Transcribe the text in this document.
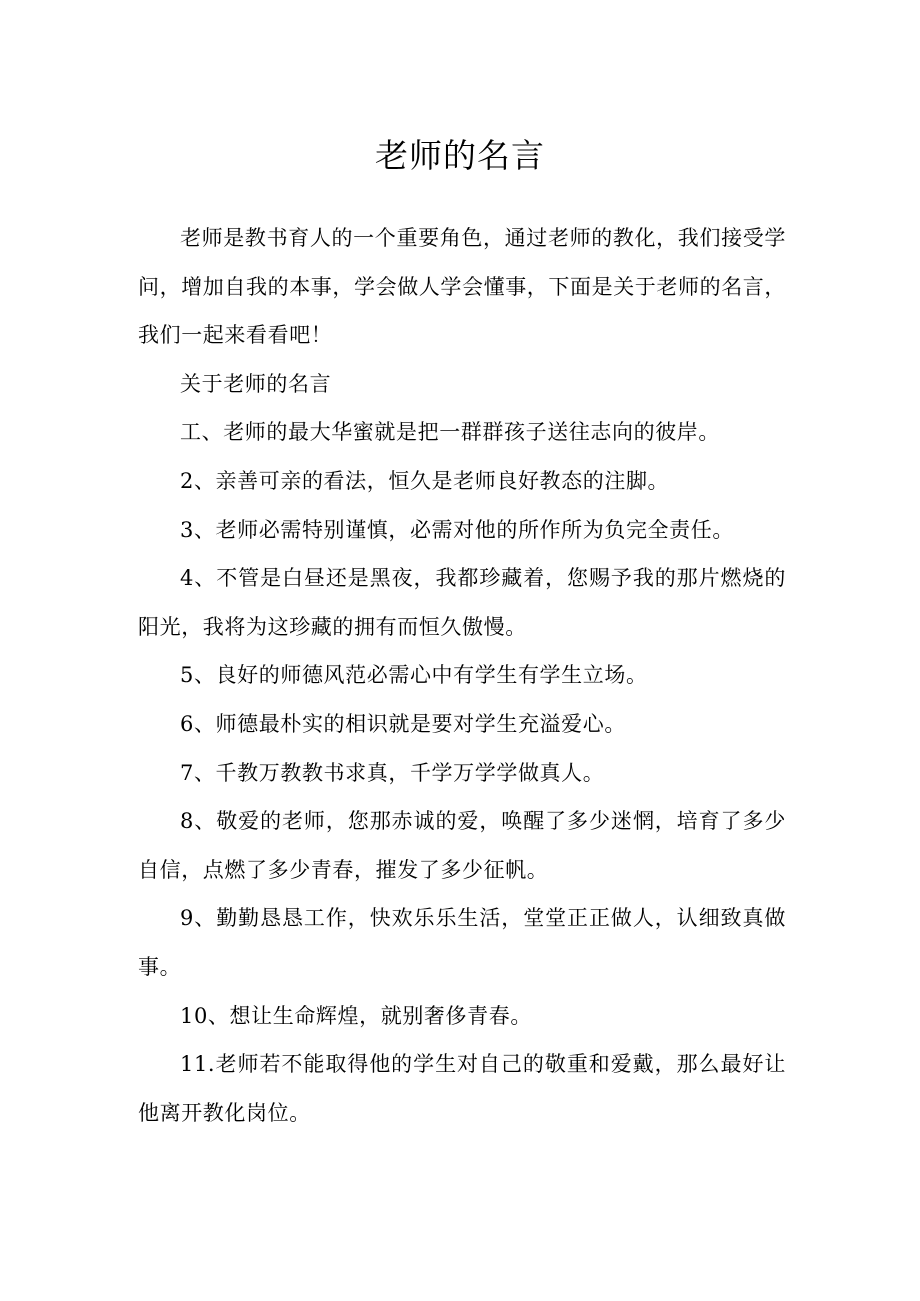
老师的名言

老师是教书育人的一个重要角色，通过老师的教化，我们接受学问，增加自我的本事，学会做人学会懂事，下面是关于老师的名言，我们一起来看看吧！

关于老师的名言

工、老师的最大华蜜就是把一群群孩子送往志向的彼岸。

2、亲善可亲的看法，恒久是老师良好教态的注脚。

3、老师必需特别谨慎，必需对他的所作所为负完全责任。

4、不管是白昼还是黑夜，我都珍藏着，您赐予我的那片燃烧的阳光，我将为这珍藏的拥有而恒久傲慢。

5、良好的师德风范必需心中有学生有学生立场。

6、师德最朴实的相识就是要对学生充溢爱心。

7、千教万教教书求真，千学万学学做真人。

8、敬爱的老师，您那赤诚的爱，唤醒了多少迷惘，培育了多少自信，点燃了多少青春，摧发了多少征帆。

9、勤勤恳恳工作，快欢乐乐生活，堂堂正正做人，认细致真做事。

10、想让生命辉煌，就别奢侈青春。

11.老师若不能取得他的学生对自己的敬重和爱戴，那么最好让他离开教化岗位。
